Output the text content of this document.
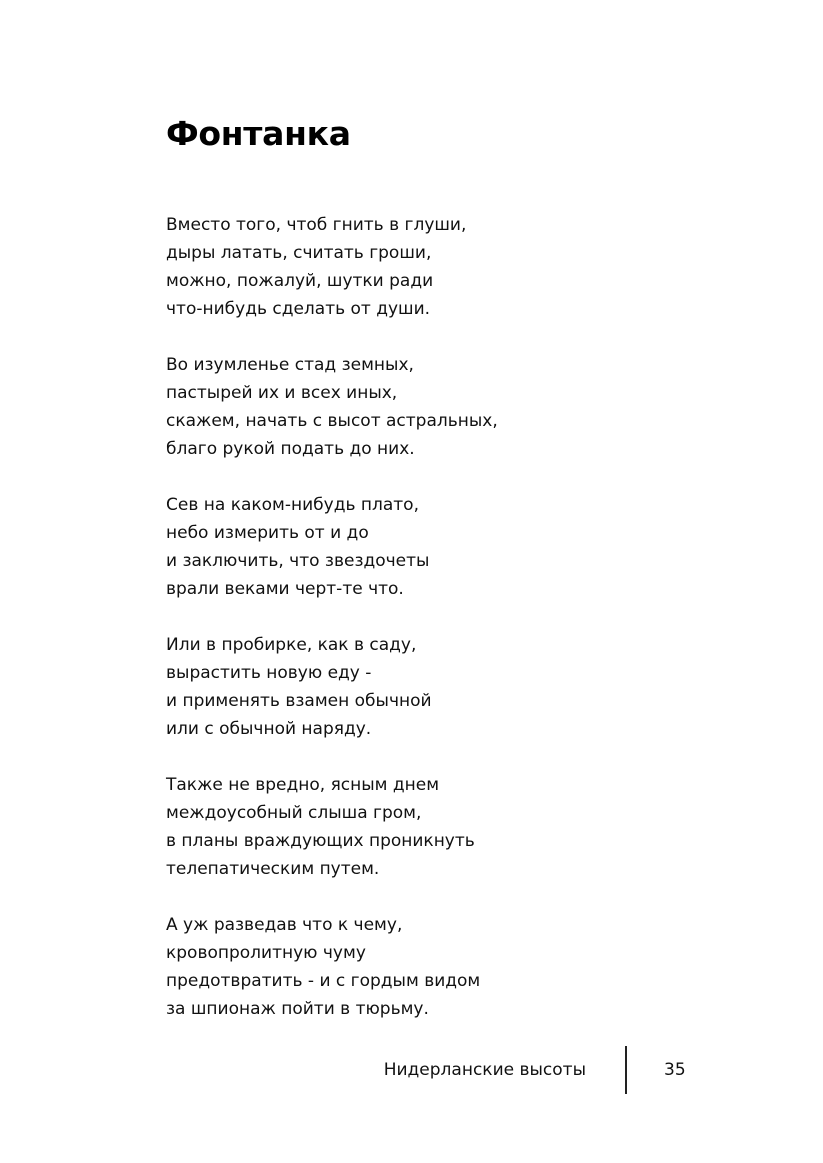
Фонтанка
Вместо того, чтоб гнить в глуши,
дыры латать, считать гроши,
можно, пожалуй, шутки ради
что-нибудь сделать от души.
Во изумленье стад земных,
пастырей их и всех иных,
скажем, начать с высот астральных,
благо рукой подать до них.
Сев на каком-нибудь плато,
небо измерить от и до
и заключить, что звездочеты
врали веками черт-те что.
Или в пробирке, как в саду,
вырастить новую еду -
и применять взамен обычной
или с обычной наряду.
Также не вредно, ясным днем
междоусобный слыша гром,
в планы враждующих проникнуть
телепатическим путем.
А уж разведав что к чему,
кровопролитную чуму
предотвратить - и с гордым видом
за шпионаж пойти в тюрьму.
Нидерланские высоты	35
